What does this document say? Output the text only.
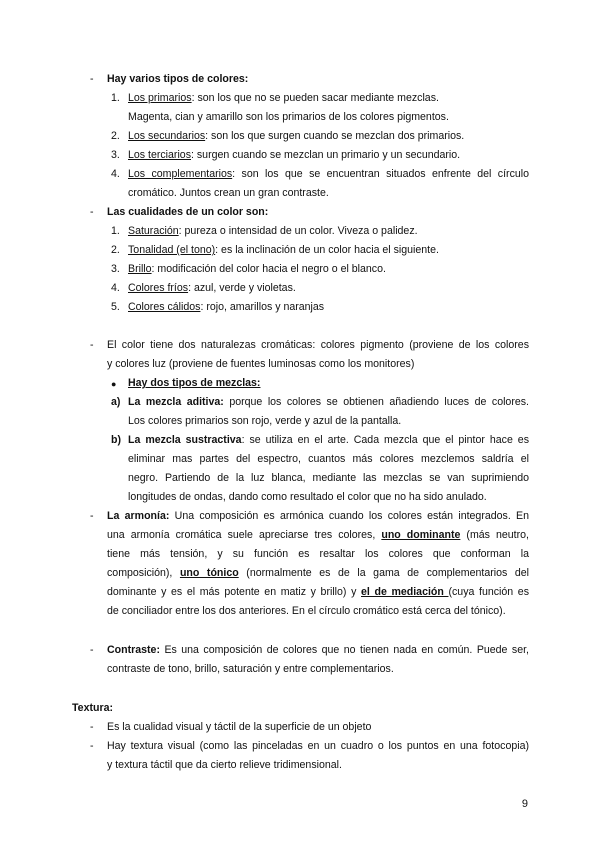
- Hay varios tipos de colores:
1. Los primarios: son los que no se pueden sacar mediante mezclas.
Magenta, cian y amarillo son los primarios de los colores pigmentos.
2. Los secundarios: son los que surgen cuando se mezclan dos primarios.
3. Los terciarios: surgen cuando se mezclan un primario y un secundario.
4. Los complementarios: son los que se encuentran situados enfrente del círculo
cromático. Juntos crean un gran contraste.
- Las cualidades de un color son:
1. Saturación: pureza o intensidad de un color. Viveza o palidez.
2. Tonalidad (el tono): es la inclinación de un color hacia el siguiente.
3. Brillo: modificación del color hacia el negro o el blanco.
4. Colores fríos: azul, verde y violetas.
5. Colores cálidos: rojo, amarillos y naranjas
- El color tiene dos naturalezas cromáticas: colores pigmento (proviene de los colores
y colores luz (proviene de fuentes luminosas como los monitores)
● Hay dos tipos de mezclas:
a) La mezcla aditiva: porque los colores se obtienen añadiendo luces de colores.
Los colores primarios son rojo, verde y azul de la pantalla.
b) La mezcla sustractiva: se utiliza en el arte. Cada mezcla que el pintor hace es
eliminar mas partes del espectro, cuantos más colores mezclemos saldría el
negro. Partiendo de la luz blanca, mediante las mezclas se van suprimiendo
longitudes de ondas, dando como resultado el color que no ha sido anulado.
- La armonía: Una composición es armónica cuando los colores están integrados. En
una armonía cromática suele apreciarse tres colores, uno dominante (más neutro,
tiene más tensión, y su función es resaltar los colores que conforman la
composición), uno tónico (normalmente es de la gama de complementarios del
dominante y es el más potente en matiz y brillo) y el de mediación (cuya función es
de conciliador entre los dos anteriores. En el círculo cromático está cerca del tónico).
- Contraste: Es una composición de colores que no tienen nada en común. Puede ser,
contraste de tono, brillo, saturación y entre complementarios.
Textura:
- Es la cualidad visual y táctil de la superficie de un objeto
- Hay textura visual (como las pinceladas en un cuadro o los puntos en una fotocopia)
y textura táctil que da cierto relieve tridimensional.
9
